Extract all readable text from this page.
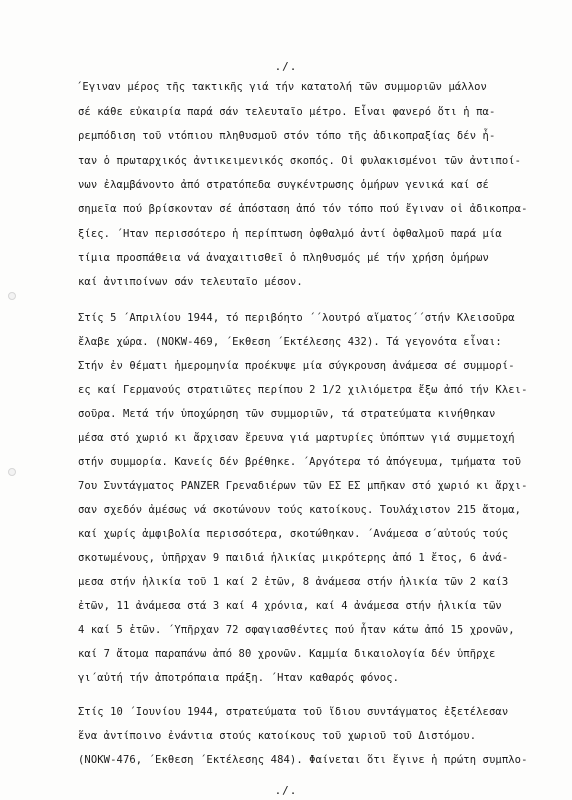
./.
΄Εγιναν μέρος τῆς τακτικῆς γιά τήν κατατολή τῶν συμμοριῶν μάλλον
σέ κάθε εὐκαιρία παρά σάν τελευταῖο μέτρο. Εἶναι φανερό ὅτι ἡ πα-
ρεμπόδιση τοῦ ντόπιου πληθυσμοῦ στόν τόπο τῆς ἀδικοπραξίας δέν ἦ-
ταν ὁ πρωταρχικός ἀντικειμενικός σκοπός. Οἱ φυλακισμένοι τῶν ἀντιποί-
νων ἐλαμβάνοντο ἀπό στρατόπεδα συγκέντρωσης ὁμήρων γενικά καί σέ
σημεῖα πού βρίσκονταν σέ ἀπόσταση ἀπό τόν τόπο πού ἔγιναν οἱ ἀδικοπρα-
ξίες. ΄Ηταν περισσότερο ἡ περίπτωση ὀφθαλμό ἀντί ὀφθαλμοῦ παρά μία
τίμια προσπάθεια νά ἀναχαιτισθεῖ ὁ πληθυσμός μέ τήν χρήση ὁμήρων
καί ἀντιποίνων σάν τελευταῖο μέσον.
Στίς 5 ΄Απριλίου 1944, τό περιβόητο ΄΄λουτρό αἵματος΄΄στήν Κλεισοῦρα
ἔλαβε χώρα. (NOKW-469, ΄Εκθεση ΄Εκτέλεσης 432). Τά γεγονότα εἶναι:
Στήν ἐν θέματι ἡμερομηνία προέκυψε μία σύγκρουση ἀνάμεσα σέ συμμορί-
ες καί Γερμανούς στρατιῶτες περίπου 2 1/2 χιλιόμετρα ἔξω ἀπό τήν Κλει-
σοῦρα. Μετά τήν ὑποχώρηση τῶν συμμοριῶν, τά στρατεύματα κινήθηκαν
μέσα στό χωριό κι ἄρχισαν ἔρευνα γιά μαρτυρίες ὑπόπτων γιά συμμετοχή
στήν συμμορία. Κανείς δέν βρέθηκε. ΄Αργότερα τό ἀπόγευμα, τμήματα τοῦ
7ου Συντάγματος PANZER Γρεναδιέρων τῶν ΕΣ ΕΣ μπῆκαν στό χωριό κι ἄρχι-
σαν σχεδόν ἀμέσως νά σκοτώνουν τούς κατοίκους. Τουλάχιστον 215 ἄτομα,
καί χωρίς ἀμφιβολία περισσότερα, σκοτώθηκαν. ΄Ανάμεσα σ΄αὐτούς τούς
σκοτωμένους, ὑπῆρχαν 9 παιδιά ἡλικίας μικρότερης ἀπό 1 ἔτος, 6 ἀνά-
μεσα στήν ἡλικία τοῦ 1 καί 2 ἐτῶν, 8 ἀνάμεσα στήν ἡλικία τῶν 2 καί3
ἐτῶν, 11 ἀνάμεσα στά 3 καί 4 χρόνια, καί 4 ἀνάμεσα στήν ἡλικία τῶν
4 καί 5 ἐτῶν. ΄Υπῆρχαν 72 σφαγιασθέντες πού ἦταν κάτω ἀπό 15 χρονῶν,
καί 7 ἄτομα παραπάνω ἀπό 80 χρονῶν. Καμμία δικαιολογία δέν ὑπῆρχε
γι΄αὐτή τήν ἀποτρόπαια πράξη. ΄Ηταν καθαρός φόνος.
Στίς 10 ΄Ιουνίου 1944, στρατεύματα τοῦ ἴδιου συντάγματος ἐξετέλεσαν
ἕνα ἀντίποινο ἐνάντια στούς κατοίκους τοῦ χωριοῦ τοῦ Διστόμου.
(NOKW-476, ΄Εκθεση ΄Εκτέλεσης 484). Φαίνεται ὅτι ἔγινε ἡ πρώτη συμπλο-
./.
